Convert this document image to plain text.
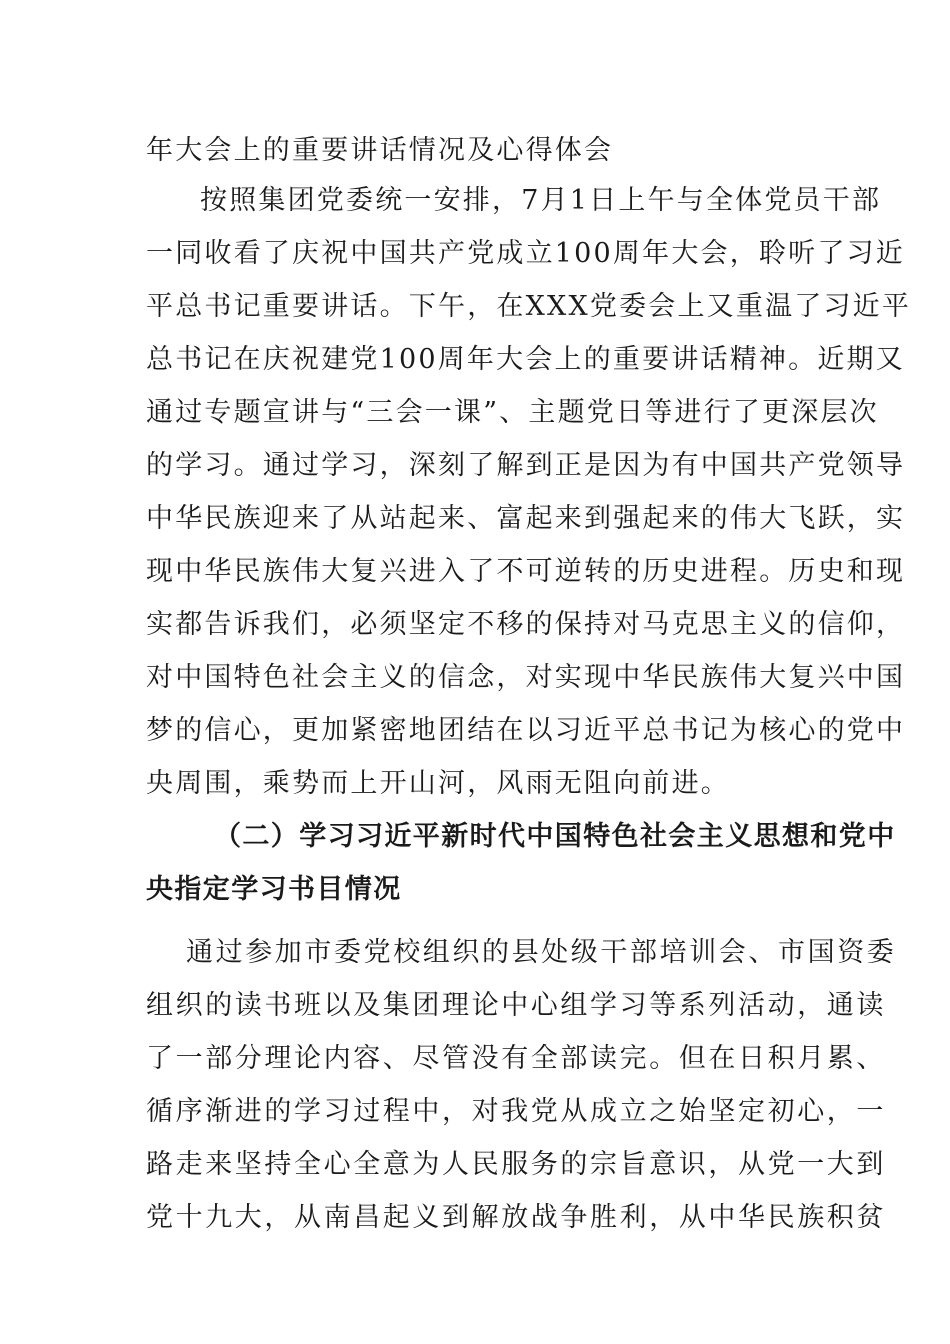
年大会上的重要讲话情况及心得体会
按照集团党委统一安排，7月1日上午与全体党员干部
一同收看了庆祝中国共产党成立100周年大会，聆听了习近
平总书记重要讲话。下午，在XXX党委会上又重温了习近平
总书记在庆祝建党100周年大会上的重要讲话精神。近期又
通过专题宣讲与“三会一课”、主题党日等进行了更深层次
的学习。通过学习，深刻了解到正是因为有中国共产党领导
中华民族迎来了从站起来、富起来到强起来的伟大飞跃，实
现中华民族伟大复兴进入了不可逆转的历史进程。历史和现
实都告诉我们，必须坚定不移的保持对马克思主义的信仰，
对中国特色社会主义的信念，对实现中华民族伟大复兴中国
梦的信心，更加紧密地团结在以习近平总书记为核心的党中
央周围，乘势而上开山河，风雨无阻向前进。
（二）学习习近平新时代中国特色社会主义思想和党中
央指定学习书目情况
通过参加市委党校组织的县处级干部培训会、市国资委
组织的读书班以及集团理论中心组学习等系列活动，通读
了一部分理论内容、尽管没有全部读完。但在日积月累、
循序渐进的学习过程中，对我党从成立之始坚定初心，一
路走来坚持全心全意为人民服务的宗旨意识，从党一大到
党十九大，从南昌起义到解放战争胜利，从中华民族积贫
